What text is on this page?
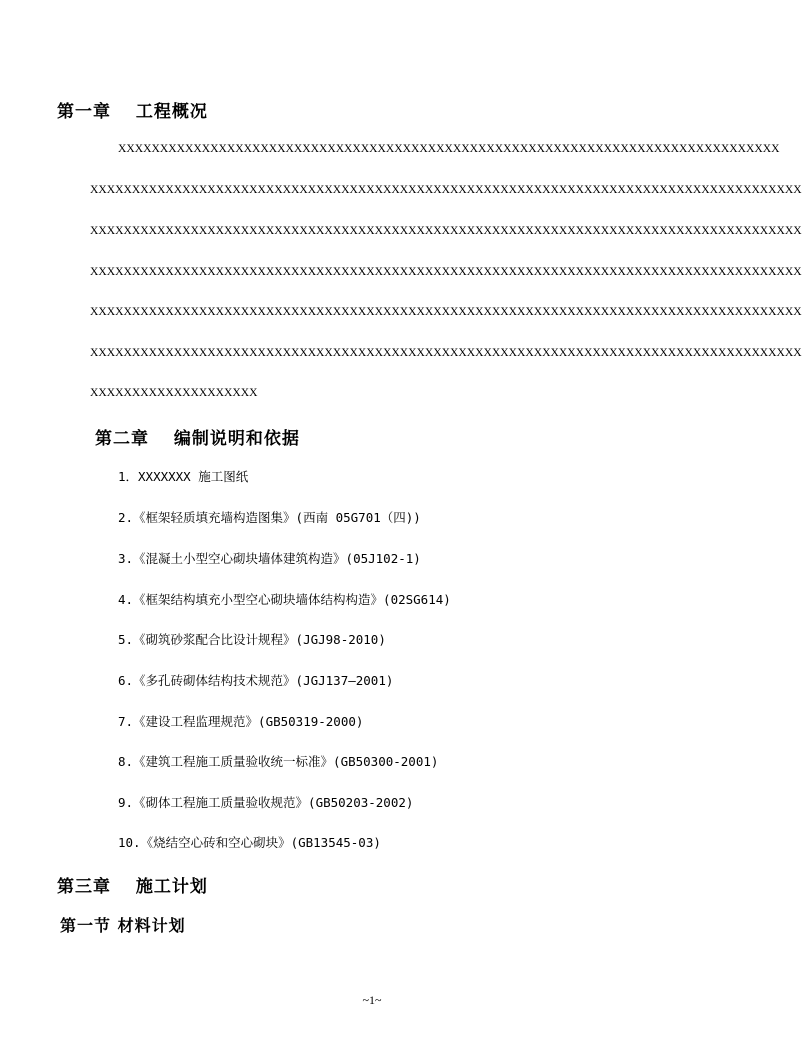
第一章　 工程概况
XXXXXXXXXXXXXXXXXXXXXXXXXXXXXXXXXXXXXXXXXXXXXXXXXXXXXXXXXXXXXXXXXXXXXXXXXXXXXXX
XXXXXXXXXXXXXXXXXXXXXXXXXXXXXXXXXXXXXXXXXXXXXXXXXXXXXXXXXXXXXXXXXXXXXXXXXXXXXXXXXXXXX
XXXXXXXXXXXXXXXXXXXXXXXXXXXXXXXXXXXXXXXXXXXXXXXXXXXXXXXXXXXXXXXXXXXXXXXXXXXXXXXXXXXXX
XXXXXXXXXXXXXXXXXXXXXXXXXXXXXXXXXXXXXXXXXXXXXXXXXXXXXXXXXXXXXXXXXXXXXXXXXXXXXXXXXXXXX
XXXXXXXXXXXXXXXXXXXXXXXXXXXXXXXXXXXXXXXXXXXXXXXXXXXXXXXXXXXXXXXXXXXXXXXXXXXXXXXXXXXXX
XXXXXXXXXXXXXXXXXXXXXXXXXXXXXXXXXXXXXXXXXXXXXXXXXXXXXXXXXXXXXXXXXXXXXXXXXXXXXXXXXXXXX
XXXXXXXXXXXXXXXXXXXX
第二章　 编制说明和依据
1．XXXXXXX 施工图纸
2.《框架轻质填充墙构造图集》(西南 05G701（四))
3.《混凝土小型空心砌块墙体建筑构造》(05J102-1)
4.《框架结构填充小型空心砌块墙体结构构造》(02SG614)
5.《砌筑砂浆配合比设计规程》(JGJ98-2010)
6.《多孔砖砌体结构技术规范》(JGJ137—2001)
7.《建设工程监理规范》(GB50319-2000)
8.《建筑工程施工质量验收统一标准》(GB50300-2001)
9.《砌体工程施工质量验收规范》(GB50203-2002)
10.《烧结空心砖和空心砌块》(GB13545-03)
第三章　 施工计划
第一节 材料计划
~1~
